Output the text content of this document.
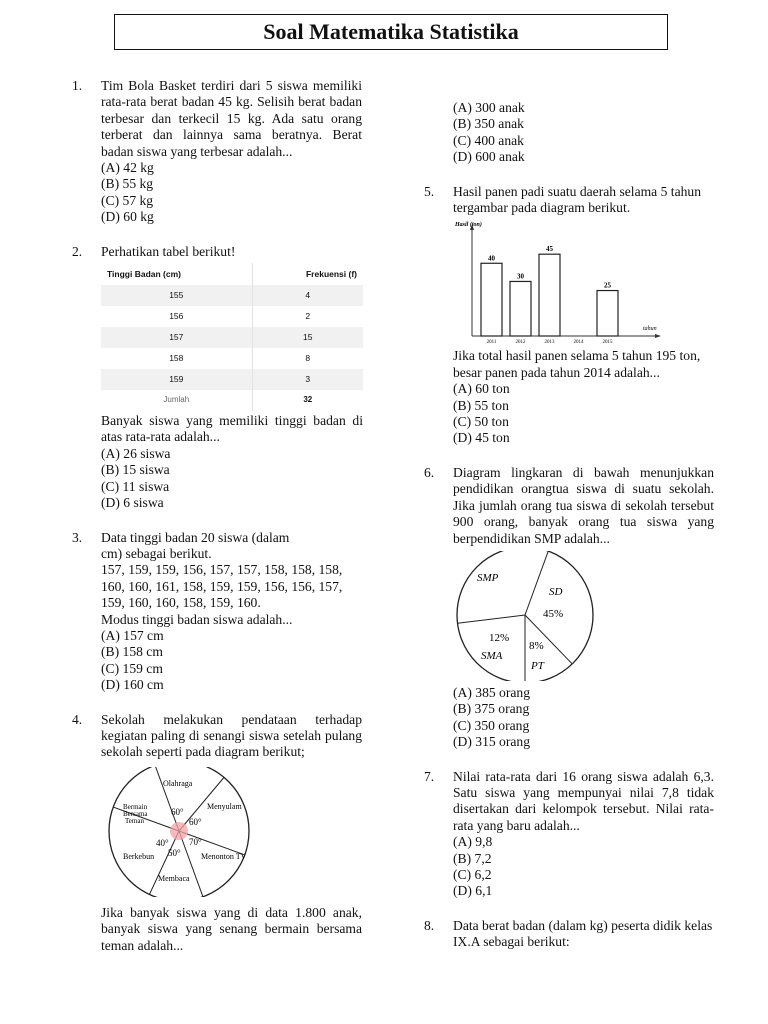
Soal Matematika Statistika
1.	Tim Bola Basket terdiri dari 5 siswa memiliki rata-rata berat badan 45 kg. Selisih berat badan terbesar dan terkecil 15 kg. Ada satu orang terberat dan lainnya sama beratnya. Berat badan siswa yang terbesar adalah...
(A) 42 kg
(B) 55 kg
(C) 57 kg
(D) 60 kg
2.	Perhatikan tabel berikut!
Tinggi Badan (cm)	Frekuensi (f)
155	4
156	2
157	15
158	8
159	3
Jumlah	32
Banyak siswa yang memiliki tinggi badan di atas rata-rata adalah...
(A) 26 siswa
(B) 15 siswa
(C) 11 siswa
(D) 6 siswa
3.	Data tinggi badan 20 siswa (dalam
cm) sebagai berikut.
157, 159, 159, 156, 157, 157, 158, 158, 158,
160, 160, 161, 158, 159, 159, 156, 156, 157,
159, 160, 160, 158, 159, 160.
Modus tinggi badan siswa adalah...
(A) 157 cm
(B) 158 cm
(C) 159 cm
(D) 160 cm
4.	Sekolah melakukan pendataan terhadap kegiatan paling di senangi siswa setelah pulang sekolah seperti pada diagram berikut;
Olahraga
Menyulam
Menonton TV
Membaca
Berkebun
Bermain
Bersama
Teman
60°
60°
70°
50°
40°
Jika banyak siswa yang di data 1.800 anak, banyak siswa yang senang bermain bersama teman adalah...
(A) 300 anak
(B) 350 anak
(C) 400 anak
(D) 600 anak
5.	Hasil panen padi suatu daerah selama 5 tahun tergambar pada diagram berikut.
Hasil (ton)
tahun
40
2011
30
2012
45
2013	2014
25
2015
Jika total hasil panen selama 5 tahun 195 ton, besar panen pada tahun 2014 adalah...
(A) 60 ton
(B) 55 ton
(C) 50 ton
(D) 45 ton
6.	Diagram lingkaran di bawah menunjukkan pendidikan orangtua siswa di suatu sekolah. Jika jumlah orang tua siswa di sekolah tersebut 900 orang, banyak orang tua siswa yang berpendidikan SMP adalah...
SMP
SD
45%
12%
SMA
8%
PT
(A) 385 orang
(B) 375 orang
(C) 350 orang
(D) 315 orang
7.	Nilai rata-rata dari 16 orang siswa adalah 6,3. Satu siswa yang mempunyai nilai 7,8 tidak disertakan dari kelompok tersebut. Nilai rata-rata yang baru adalah...
(A) 9,8
(B) 7,2
(C) 6,2
(D) 6,1
8.	Data berat badan (dalam kg) peserta didik kelas IX.A sebagai berikut:
